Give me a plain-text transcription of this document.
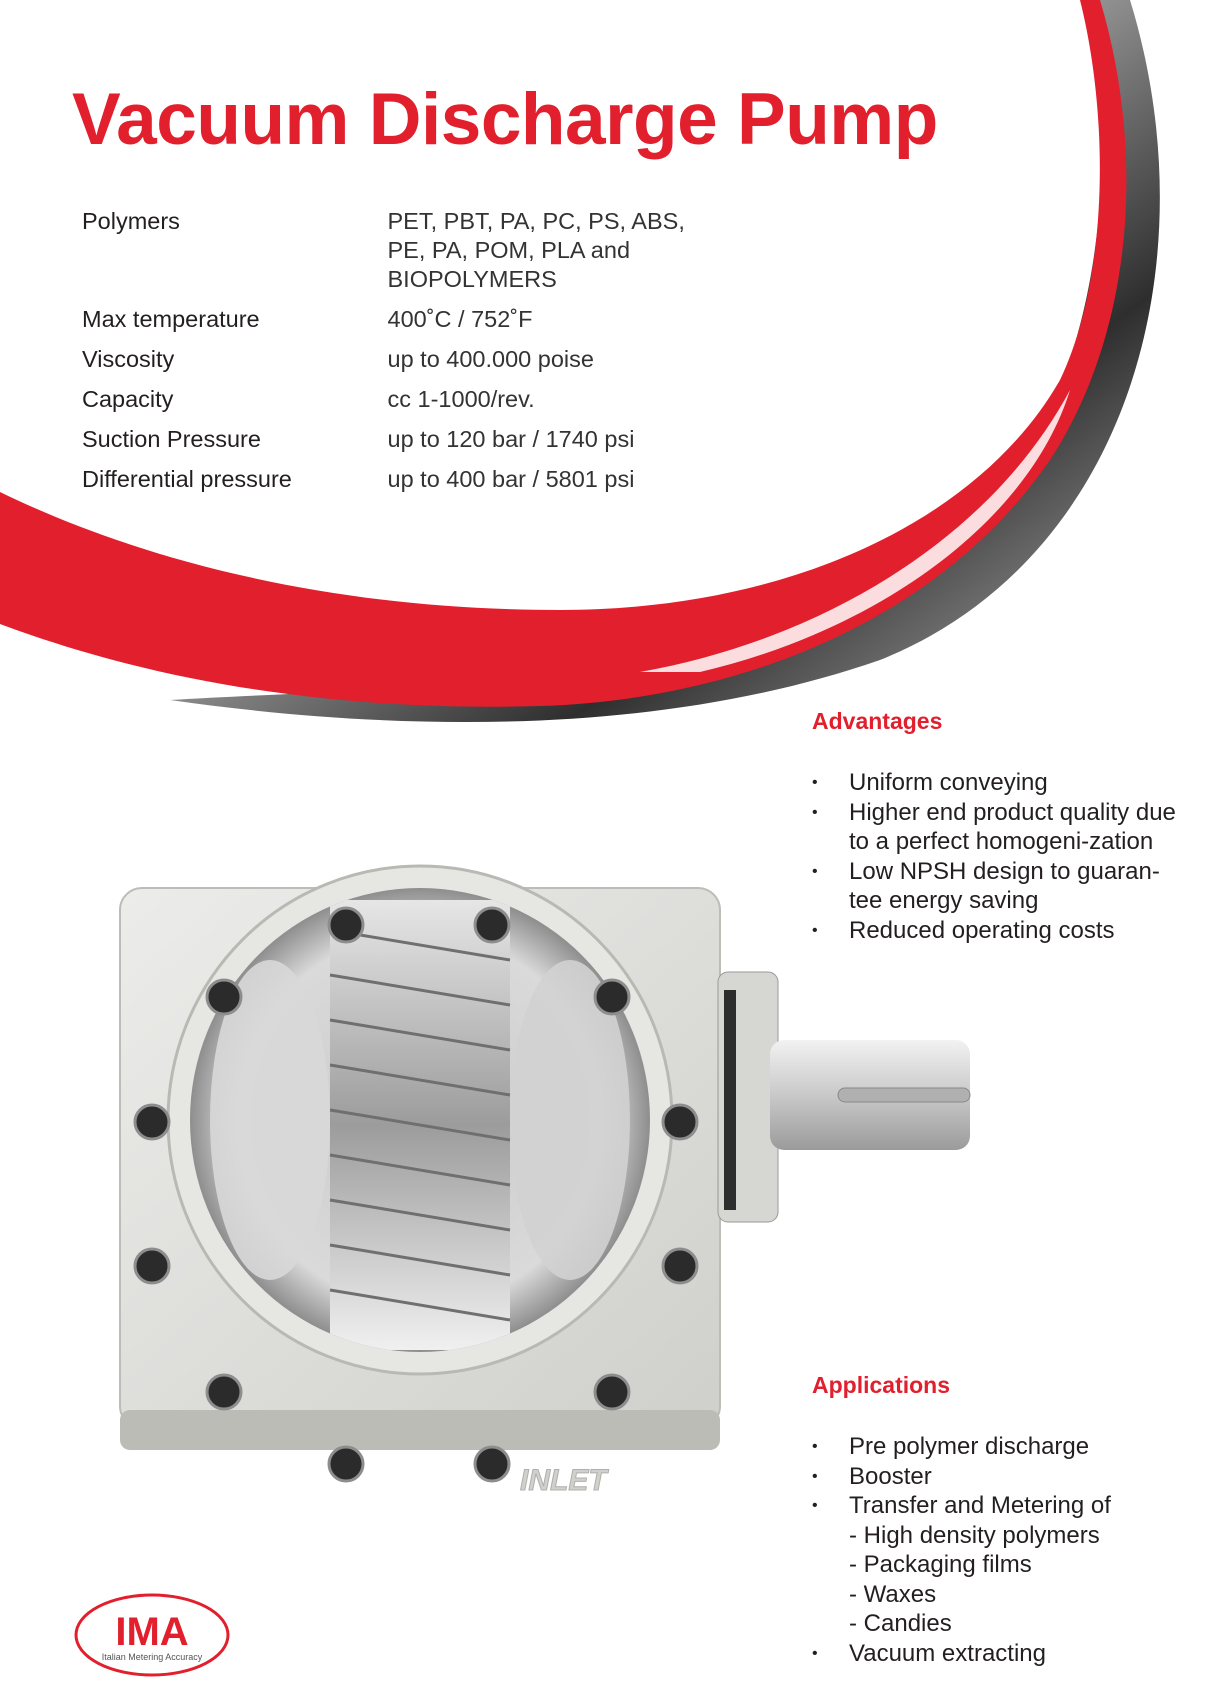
INLET
Vacuum Discharge Pump
Polymers	PET, PBT, PA, PC, PS, ABS, PE, PA, POM, PLA and BIOPOLYMERS
Max temperature	400˚C / 752˚F
Viscosity	up to 400.000 poise
Capacity	cc 1-1000/rev.
Suction Pressure	up to 120 bar / 1740 psi
Differential pressure	up to 400 bar / 5801 psi
Advantages
• Uniform conveying
• Higher end product quality due to a perfect homogeni-zation
• Low NPSH design to guaran-tee energy saving
• Reduced operating costs
Applications
• Pre polymer discharge
• Booster
• Transfer and Metering of
- High density polymers
- Packaging films
- Waxes
- Candies
• Vacuum extracting
IMA
Italian Metering Accuracy
